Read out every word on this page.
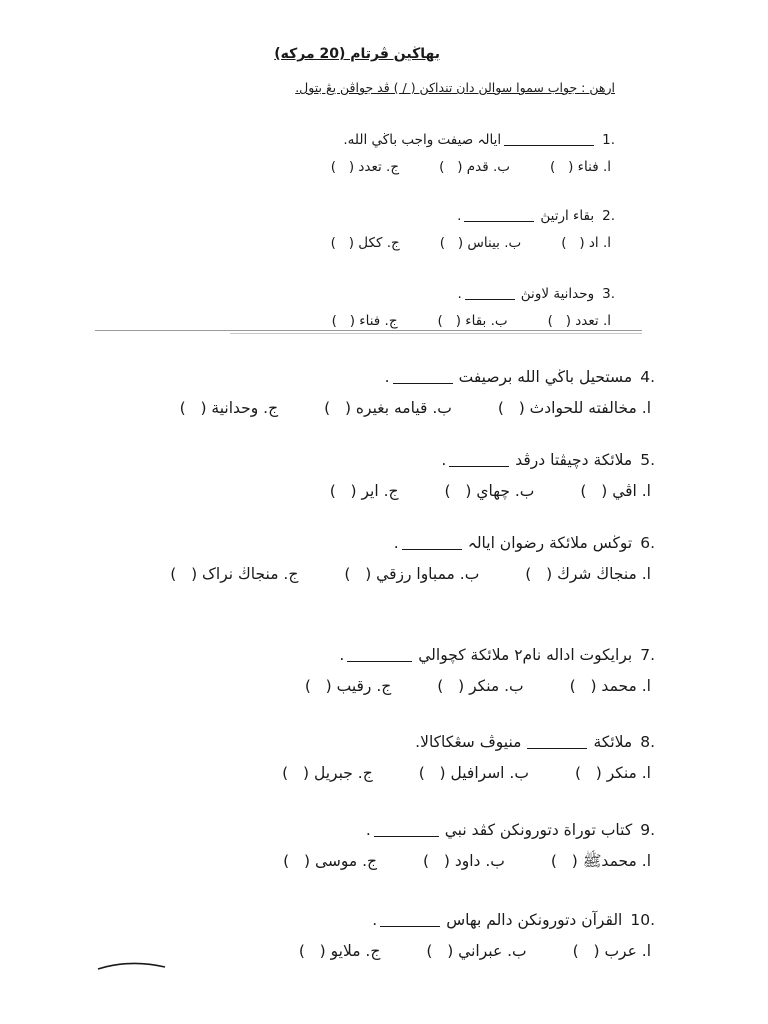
بهاڬين ڤرتام (20 مرکه)
ارهن : جواب سموا سوالن دان تنداکن ( / ) ڤد جواڤن يڠ بتول.
1.
ايالہ صيفت واجب باڬي الله.
ا. فناء (   )
ب. قدم (   )
ج. تعدد (   )
2.
بقاء ارتيڽ
.
ا. اد (   )
ب. بيناس (   )
ج. ککل (   )
3.
وحدانية لاونڽ
.
ا. تعدد (   )
ب. بقاء (   )
ج. فناء (   )
4.
مستحيل باڬي الله برصيفت
.
ا. مخالفته للحوادث (   )
ب. قيامه بغيره (   )
ج. وحدانية (   )
5.
ملائكة دچيڤتا درڤد
.
ا. اڤي (   )
ب. چهاي (   )
ج. اير (   )
6.
توڬس ملائكة رضوان ايالہ
.
ا. منجاڬ شرڬ (   )
ب. ممباوا رزقي (   )
ج. منجاڬ نراک (   )
7.
برايکوت اداله نام٢ ملائكة کچوالي
.
ا. محمد (   )
ب. منکر (   )
ج. رقيب (   )
8.
ملائكة
منيوڤ سڠکاکالا.
ا. منکر (   )
ب. اسرافيل (   )
ج. جبريل (   )
9.
کتاب توراة دتورونکن کڤد نبي
.
ا. محمدﷺ (   )
ب. داود (   )
ج. موسى (   )
10.
القرآن دتورونکن دالم بهاس
.
ا. عرب (   )
ب. عبراني (   )
ج. ملايو (   )
